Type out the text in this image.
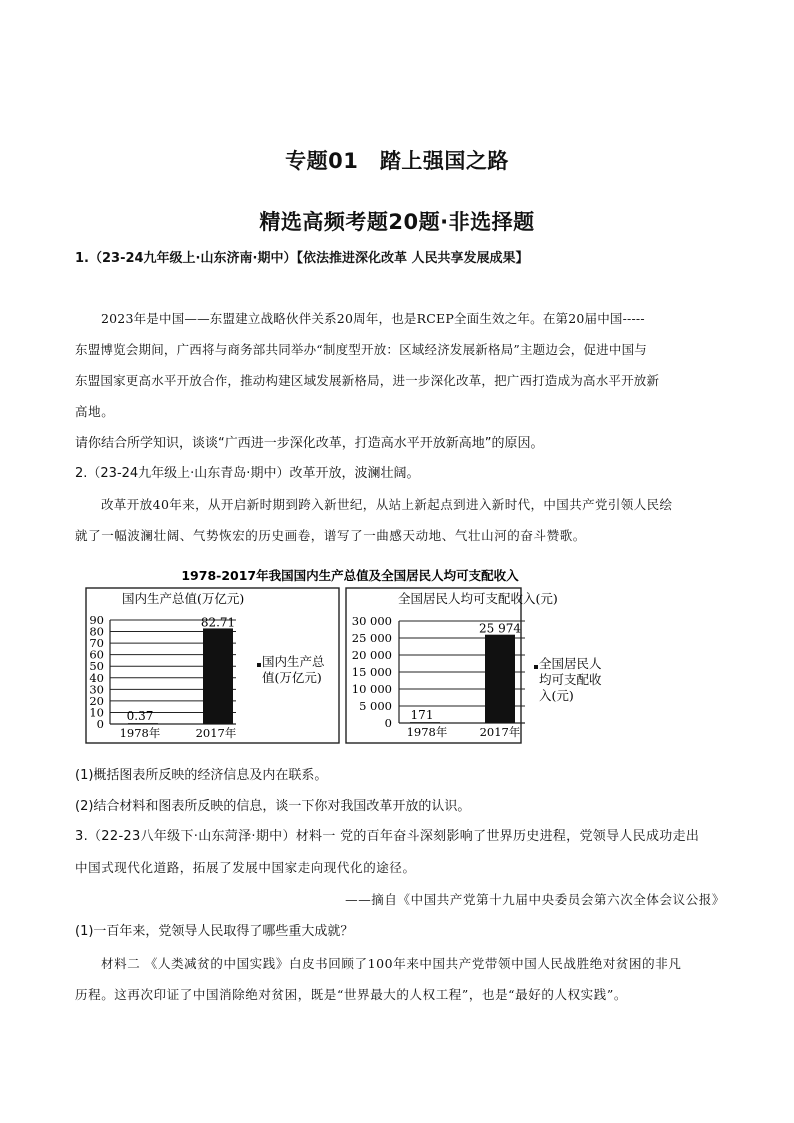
专题01　踏上强国之路
精选高频考题20题·非选择题
1.（23-24九年级上·山东济南·期中）【依法推进深化改革 人民共享发展成果】
2023年是中国——东盟建立战略伙伴关系20周年，也是RCEP全面生效之年。在第20届中国-----
东盟博览会期间，广西将与商务部共同举办“制度型开放：区域经济发展新格局”主题边会，促进中国与
东盟国家更高水平开放合作，推动构建区域发展新格局，进一步深化改革，把广西打造成为高水平开放新
高地。
请你结合所学知识，谈谈“广西进一步深化改革，打造高水平开放新高地”的原因。
2.（23-24九年级上·山东青岛·期中）改革开放，波澜壮阔。
改革开放40年来，从开启新时期到跨入新世纪，从站上新起点到进入新时代，中国共产党引领人民绘
就了一幅波澜壮阔、气势恢宏的历史画卷，谱写了一曲感天动地、气壮山河的奋斗赞歌。
1978-2017年我国国内生产总值及全国居民人均可支配收入
国内生产总值(万亿元)
0
10
20
30
40
50
60
70
80
90
0.37
1978年
82.71
2017年
国内生产总
值(万亿元)
全国居民人均可支配收入(元)
0
5 000
10 000
15 000
20 000
25 000
30 000
171
1978年
25 974
2017年
全国居民人
均可支配收
入(元)
(1)概括图表所反映的经济信息及内在联系。
(2)结合材料和图表所反映的信息，谈一下你对我国改革开放的认识。
3.（22-23八年级下·山东菏泽·期中）材料一 党的百年奋斗深刻影响了世界历史进程，党领导人民成功走出
中国式现代化道路，拓展了发展中国家走向现代化的途径。
——摘自《中国共产党第十九届中央委员会第六次全体会议公报》
(1)一百年来，党领导人民取得了哪些重大成就？
材料二 《人类减贫的中国实践》白皮书回顾了100年来中国共产党带领中国人民战胜绝对贫困的非凡
历程。这再次印证了中国消除绝对贫困，既是“世界最大的人权工程”，也是“最好的人权实践”。
